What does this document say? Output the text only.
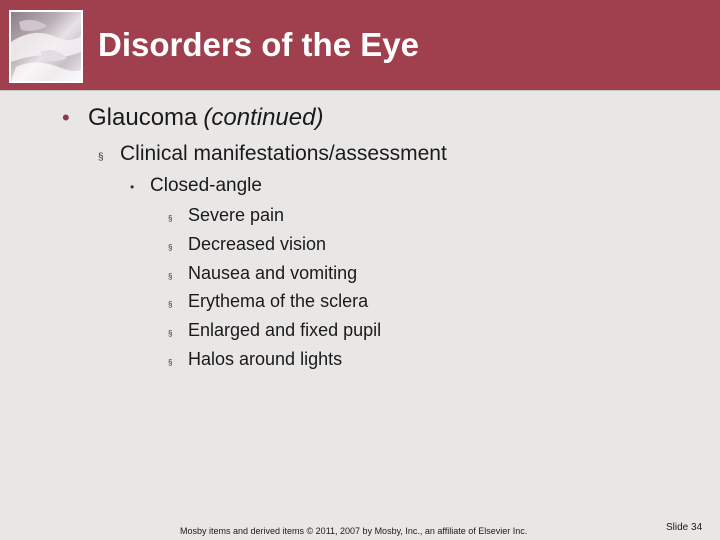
Disorders of the Eye
• Glaucoma (continued)
§ Clinical manifestations/assessment
• Closed-angle
§ Severe pain
§ Decreased vision
§ Nausea and vomiting
§ Erythema of the sclera
§ Enlarged and fixed pupil
§ Halos around lights
Mosby items and derived items © 2011, 2007 by Mosby, Inc., an affiliate of Elsevier Inc.	Slide 34
